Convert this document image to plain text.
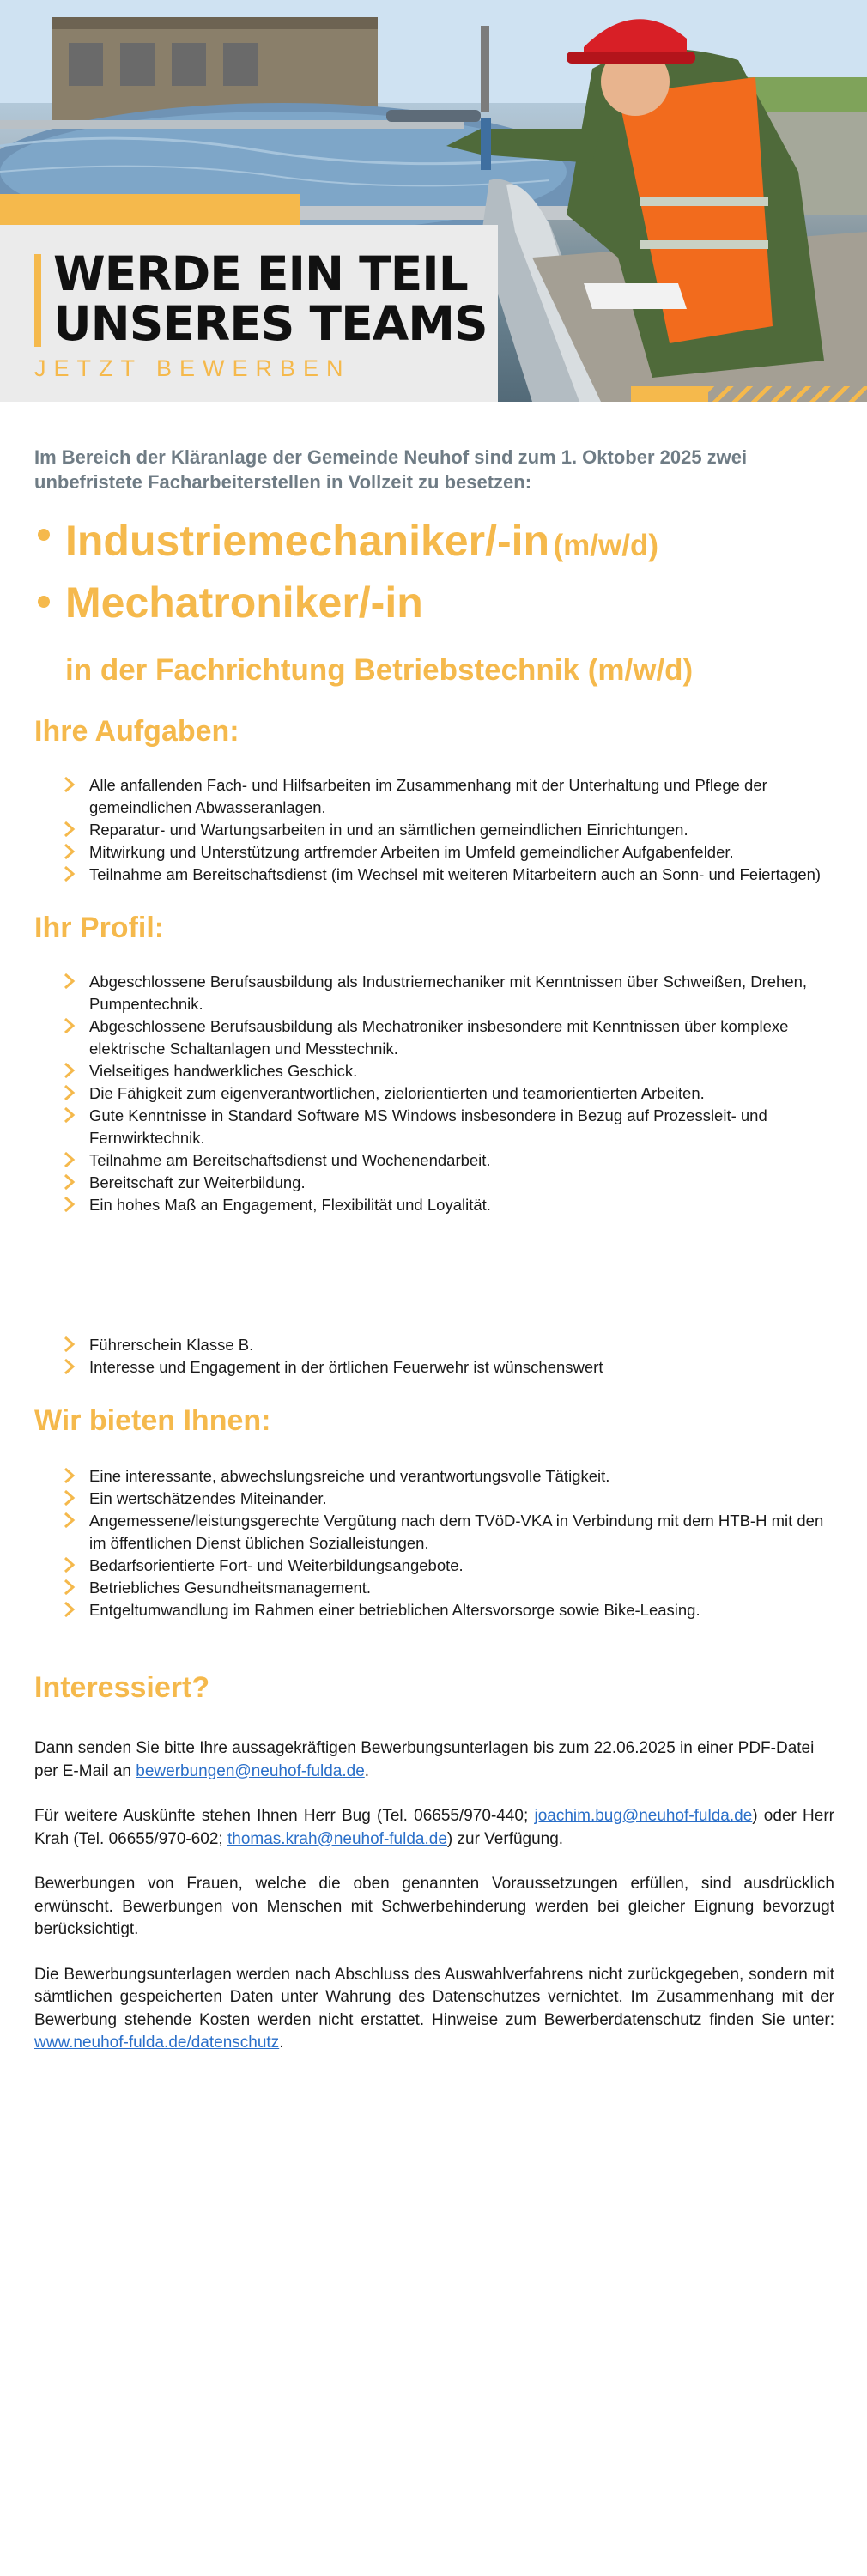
WERDE EIN TEIL
UNSERES TEAMS
JETZT BEWERBEN

Im Bereich der Kläranlage der Gemeinde Neuhof sind zum 1. Oktober 2025 zwei unbefristete Facharbeiterstellen in Vollzeit zu besetzen:

Industriemechaniker/-in (m/w/d)
Mechatroniker/-in
in der Fachrichtung Betriebstechnik (m/w/d)
Ihre Aufgaben:
Alle anfallenden Fach- und Hilfsarbeiten im Zusammenhang mit der Unterhaltung und Pflege der gemeindlichen Abwasseranlagen.
Reparatur- und Wartungsarbeiten in und an sämtlichen gemeindlichen Einrichtungen.
Mitwirkung und Unterstützung artfremder Arbeiten im Umfeld gemeindlicher Aufgabenfelder.
Teilnahme am Bereitschaftsdienst (im Wechsel mit weiteren Mitarbeitern auch an Sonn- und Feiertagen)
Ihr Profil:
Abgeschlossene Berufsausbildung als Industriemechaniker mit Kenntnissen über Schweißen, Drehen, Pumpentechnik.
Abgeschlossene Berufsausbildung als Mechatroniker insbesondere mit Kenntnissen über komplexe elektrische Schaltanlagen und Messtechnik.
Vielseitiges handwerkliches Geschick.
Die Fähigkeit zum eigenverantwortlichen, zielorientierten und teamorientierten Arbeiten.
Gute Kenntnisse in Standard Software MS Windows insbesondere in Bezug auf Prozessleit- und Fernwirktechnik.
Teilnahme am Bereitschaftsdienst und Wochenendarbeit.
Bereitschaft zur Weiterbildung.
Ein hohes Maß an Engagement, Flexibilität und Loyalität.
Führerschein Klasse B.
Interesse und Engagement in der örtlichen Feuerwehr ist wünschenswert
Wir bieten Ihnen:
Eine interessante, abwechslungsreiche und verantwortungsvolle Tätigkeit.
Ein wertschätzendes Miteinander.
Angemessene/leistungsgerechte Vergütung nach dem TVöD-VKA in Verbindung mit dem HTB-H mit den im öffentlichen Dienst üblichen Sozialleistungen.
Bedarfsorientierte Fort- und Weiterbildungsangebote.
Betriebliches Gesundheitsmanagement.
Entgeltumwandlung im Rahmen einer betrieblichen Altersvorsorge sowie Bike-Leasing.
Interessiert?

Dann senden Sie bitte Ihre aussagekräftigen Bewerbungsunterlagen bis zum 22.06.2025 in einer PDF-Datei per E-Mail an bewerbungen@neuhof-fulda.de.

Für weitere Auskünfte stehen Ihnen Herr Bug (Tel. 06655/970-440; joachim.bug@neuhof-fulda.de) oder Herr Krah (Tel. 06655/970-602; thomas.krah@neuhof-fulda.de) zur Verfügung.

Bewerbungen von Frauen, welche die oben genannten Voraussetzungen erfüllen, sind ausdrücklich erwünscht. Bewerbungen von Menschen mit Schwerbehinderung werden bei gleicher Eignung bevorzugt berücksichtigt.

Die Bewerbungsunterlagen werden nach Abschluss des Auswahlverfahrens nicht zurückgegeben, sondern mit sämtlichen gespeicherten Daten unter Wahrung des Datenschutzes vernichtet. Im Zusammenhang mit der Bewerbung stehende Kosten werden nicht erstattet. Hinweise zum Bewerberdatenschutz finden Sie unter: www.neuhof-fulda.de/datenschutz.
